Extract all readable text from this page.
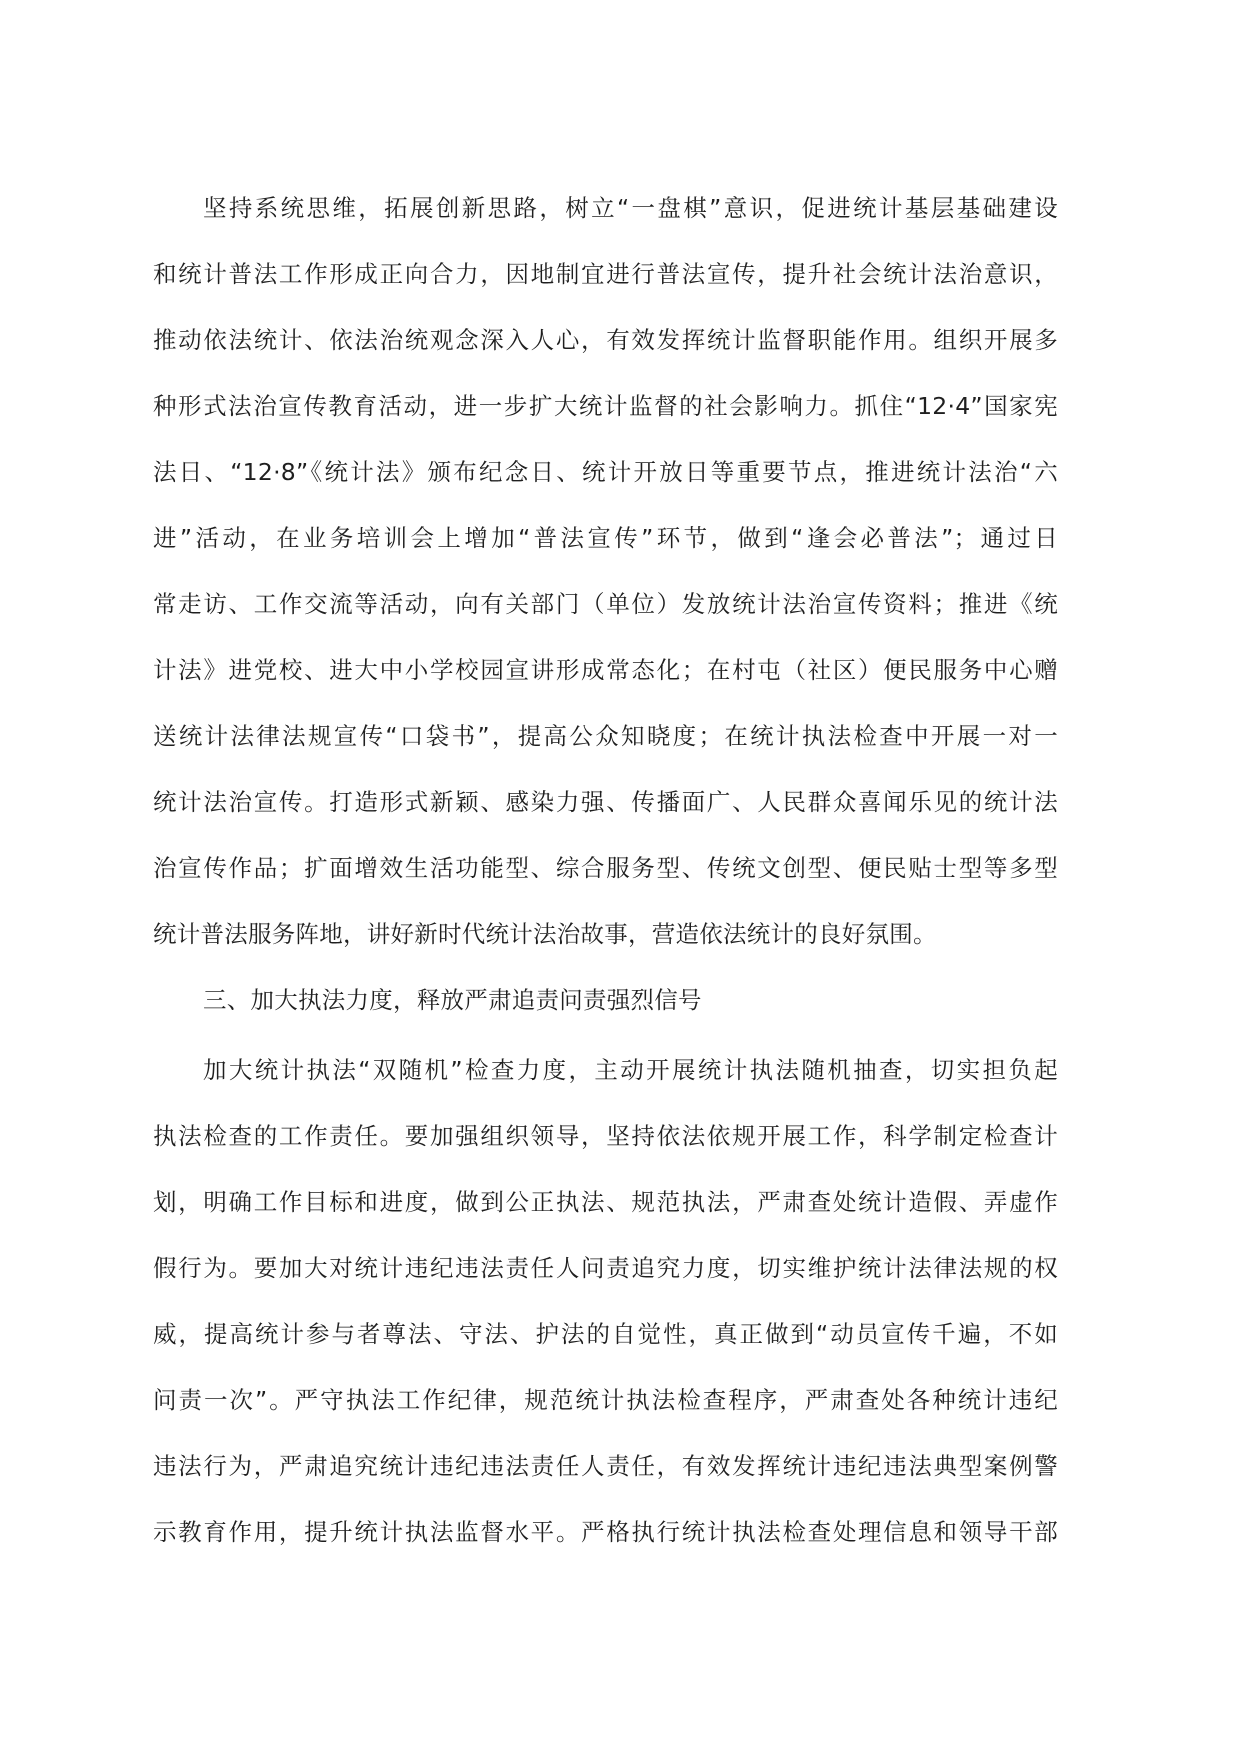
坚持系统思维，拓展创新思路，树立“一盘棋”意识，促进统计基层基础建设
和统计普法工作形成正向合力，因地制宜进行普法宣传，提升社会统计法治意识，
推动依法统计、依法治统观念深入人心，有效发挥统计监督职能作用。组织开展多
种形式法治宣传教育活动，进一步扩大统计监督的社会影响力。抓住“12·4”国家宪
法日、“12·8”《统计法》颁布纪念日、统计开放日等重要节点，推进统计法治“六
进”活动，在业务培训会上增加“普法宣传”环节，做到“逢会必普法”；通过日
常走访、工作交流等活动，向有关部门（单位）发放统计法治宣传资料；推进《统
计法》进党校、进大中小学校园宣讲形成常态化；在村屯（社区）便民服务中心赠
送统计法律法规宣传“口袋书”，提高公众知晓度；在统计执法检查中开展一对一
统计法治宣传。打造形式新颖、感染力强、传播面广、人民群众喜闻乐见的统计法
治宣传作品；扩面增效生活功能型、综合服务型、传统文创型、便民贴士型等多型
统计普法服务阵地，讲好新时代统计法治故事，营造依法统计的良好氛围。
三、加大执法力度，释放严肃追责问责强烈信号
加大统计执法“双随机”检查力度，主动开展统计执法随机抽查，切实担负起
执法检查的工作责任。要加强组织领导，坚持依法依规开展工作，科学制定检查计
划，明确工作目标和进度，做到公正执法、规范执法，严肃查处统计造假、弄虚作
假行为。要加大对统计违纪违法责任人问责追究力度，切实维护统计法律法规的权
威，提高统计参与者尊法、守法、护法的自觉性，真正做到“动员宣传千遍，不如
问责一次”。严守执法工作纪律，规范统计执法检查程序，严肃查处各种统计违纪
违法行为，严肃追究统计违纪违法责任人责任，有效发挥统计违纪违法典型案例警
示教育作用，提升统计执法监督水平。严格执行统计执法检查处理信息和领导干部
